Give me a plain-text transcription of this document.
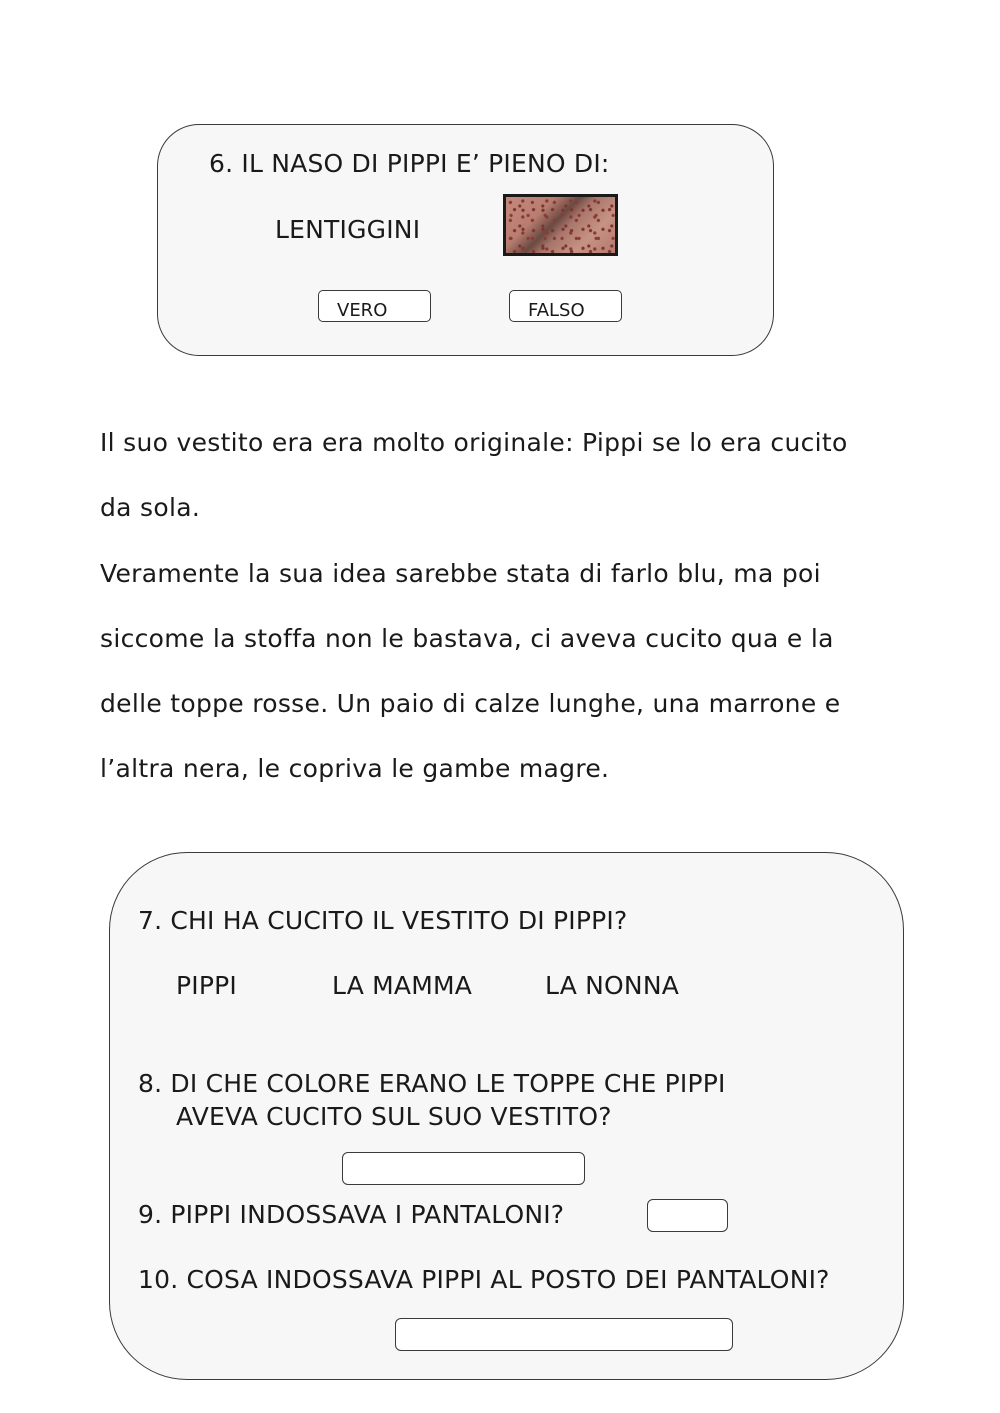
6. IL NASO DI PIPPI E’ PIENO DI:
LENTIGGINI
VERO	FALSO
Il suo vestito era era molto originale: Pippi se lo era cucito
da sola.
Veramente la sua idea sarebbe stata di farlo blu, ma poi
siccome la stoffa non le bastava, ci aveva cucito qua e la
delle toppe rosse. Un paio di calze lunghe, una marrone e
l’altra nera, le copriva le gambe magre.
7. CHI HA CUCITO IL VESTITO DI PIPPI?
PIPPI	LA MAMMA	LA NONNA
8. DI CHE COLORE ERANO LE TOPPE CHE PIPPI
AVEVA CUCITO SUL SUO VESTITO?
9. PIPPI INDOSSAVA I PANTALONI?
10. COSA INDOSSAVA PIPPI AL POSTO DEI PANTALONI?
